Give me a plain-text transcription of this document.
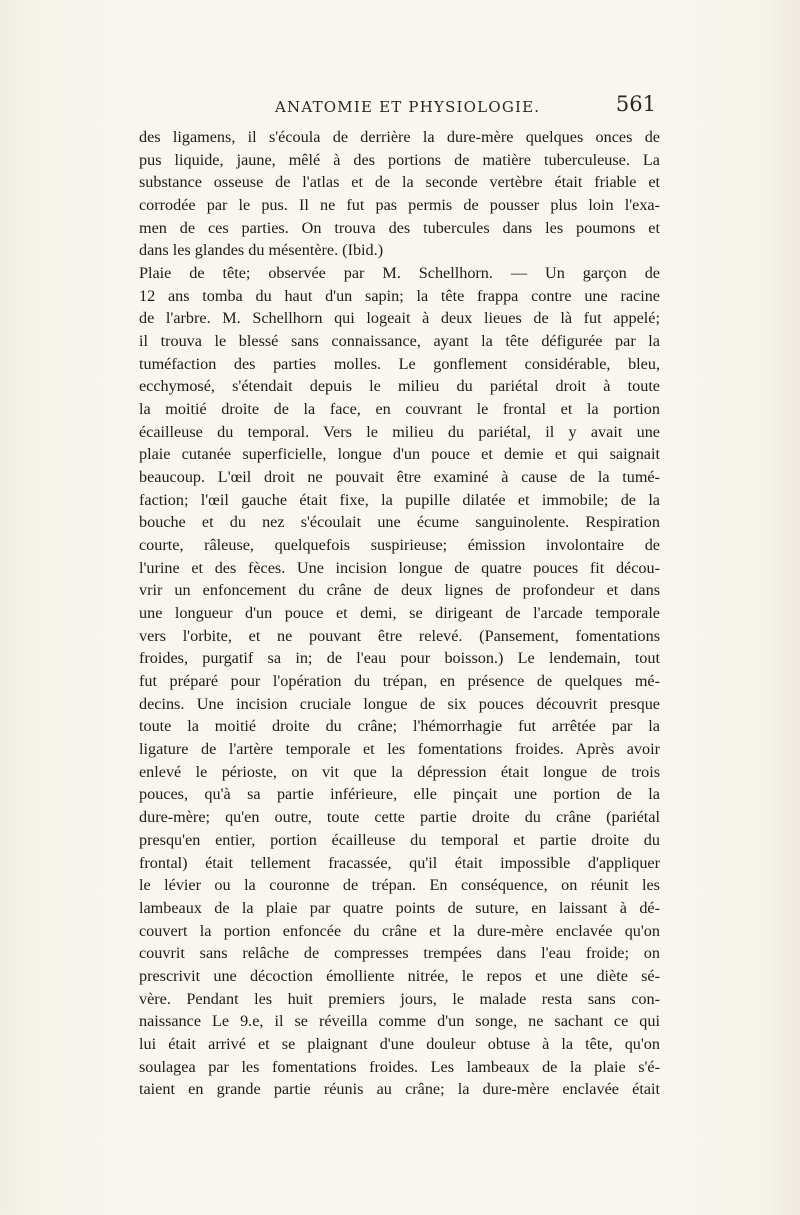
ANATOMIE ET PHYSIOLOGIE.	561
des ligamens, il s'écoula de derrière la dure-mère quelques onces de
pus liquide, jaune, mêlé à des portions de matière tuberculeuse. La
substance osseuse de l'atlas et de la seconde vertèbre était friable et
corrodée par le pus. Il ne fut pas permis de pousser plus loin l'exa-
men de ces parties. On trouva des tubercules dans les poumons et
dans les glandes du mésentère. (Ibid.)
Plaie de tête; observée par M. Schellhorn. — Un garçon de
12 ans tomba du haut d'un sapin; la tête frappa contre une racine
de l'arbre. M. Schellhorn qui logeait à deux lieues de là fut appelé;
il trouva le blessé sans connaissance, ayant la tête défigurée par la
tuméfaction des parties molles. Le gonflement considérable, bleu,
ecchymosé, s'étendait depuis le milieu du pariétal droit à toute
la moitié droite de la face, en couvrant le frontal et la portion
écailleuse du temporal. Vers le milieu du pariétal, il y avait une
plaie cutanée superficielle, longue d'un pouce et demie et qui saignait
beaucoup. L'œil droit ne pouvait être examiné à cause de la tumé-
faction; l'œil gauche était fixe, la pupille dilatée et immobile; de la
bouche et du nez s'écoulait une écume sanguinolente. Respiration
courte, râleuse, quelquefois suspirieuse; émission involontaire de
l'urine et des fèces. Une incision longue de quatre pouces fit décou-
vrir un enfoncement du crâne de deux lignes de profondeur et dans
une longueur d'un pouce et demi, se dirigeant de l'arcade temporale
vers l'orbite, et ne pouvant être relevé. (Pansement, fomentations
froides, purgatif sa in; de l'eau pour boisson.) Le lendemain, tout
fut préparé pour l'opération du trépan, en présence de quelques mé-
decins. Une incision cruciale longue de six pouces découvrit presque
toute la moitié droite du crâne; l'hémorrhagie fut arrêtée par la
ligature de l'artère temporale et les fomentations froides. Après avoir
enlevé le périoste, on vit que la dépression était longue de trois
pouces, qu'à sa partie inférieure, elle pinçait une portion de la
dure-mère; qu'en outre, toute cette partie droite du crâne (pariétal
presqu'en entier, portion écailleuse du temporal et partie droite du
frontal) était tellement fracassée, qu'il était impossible d'appliquer
le lévier ou la couronne de trépan. En conséquence, on réunit les
lambeaux de la plaie par quatre points de suture, en laissant à dé-
couvert la portion enfoncée du crâne et la dure-mère enclavée qu'on
couvrit sans relâche de compresses trempées dans l'eau froide; on
prescrivit une décoction émolliente nitrée, le repos et une diète sé-
vère. Pendant les huit premiers jours, le malade resta sans con-
naissance Le 9.e, il se réveilla comme d'un songe, ne sachant ce qui
lui était arrivé et se plaignant d'une douleur obtuse à la tête, qu'on
soulagea par les fomentations froides. Les lambeaux de la plaie s'é-
taient en grande partie réunis au crâne; la dure-mère enclavée était
